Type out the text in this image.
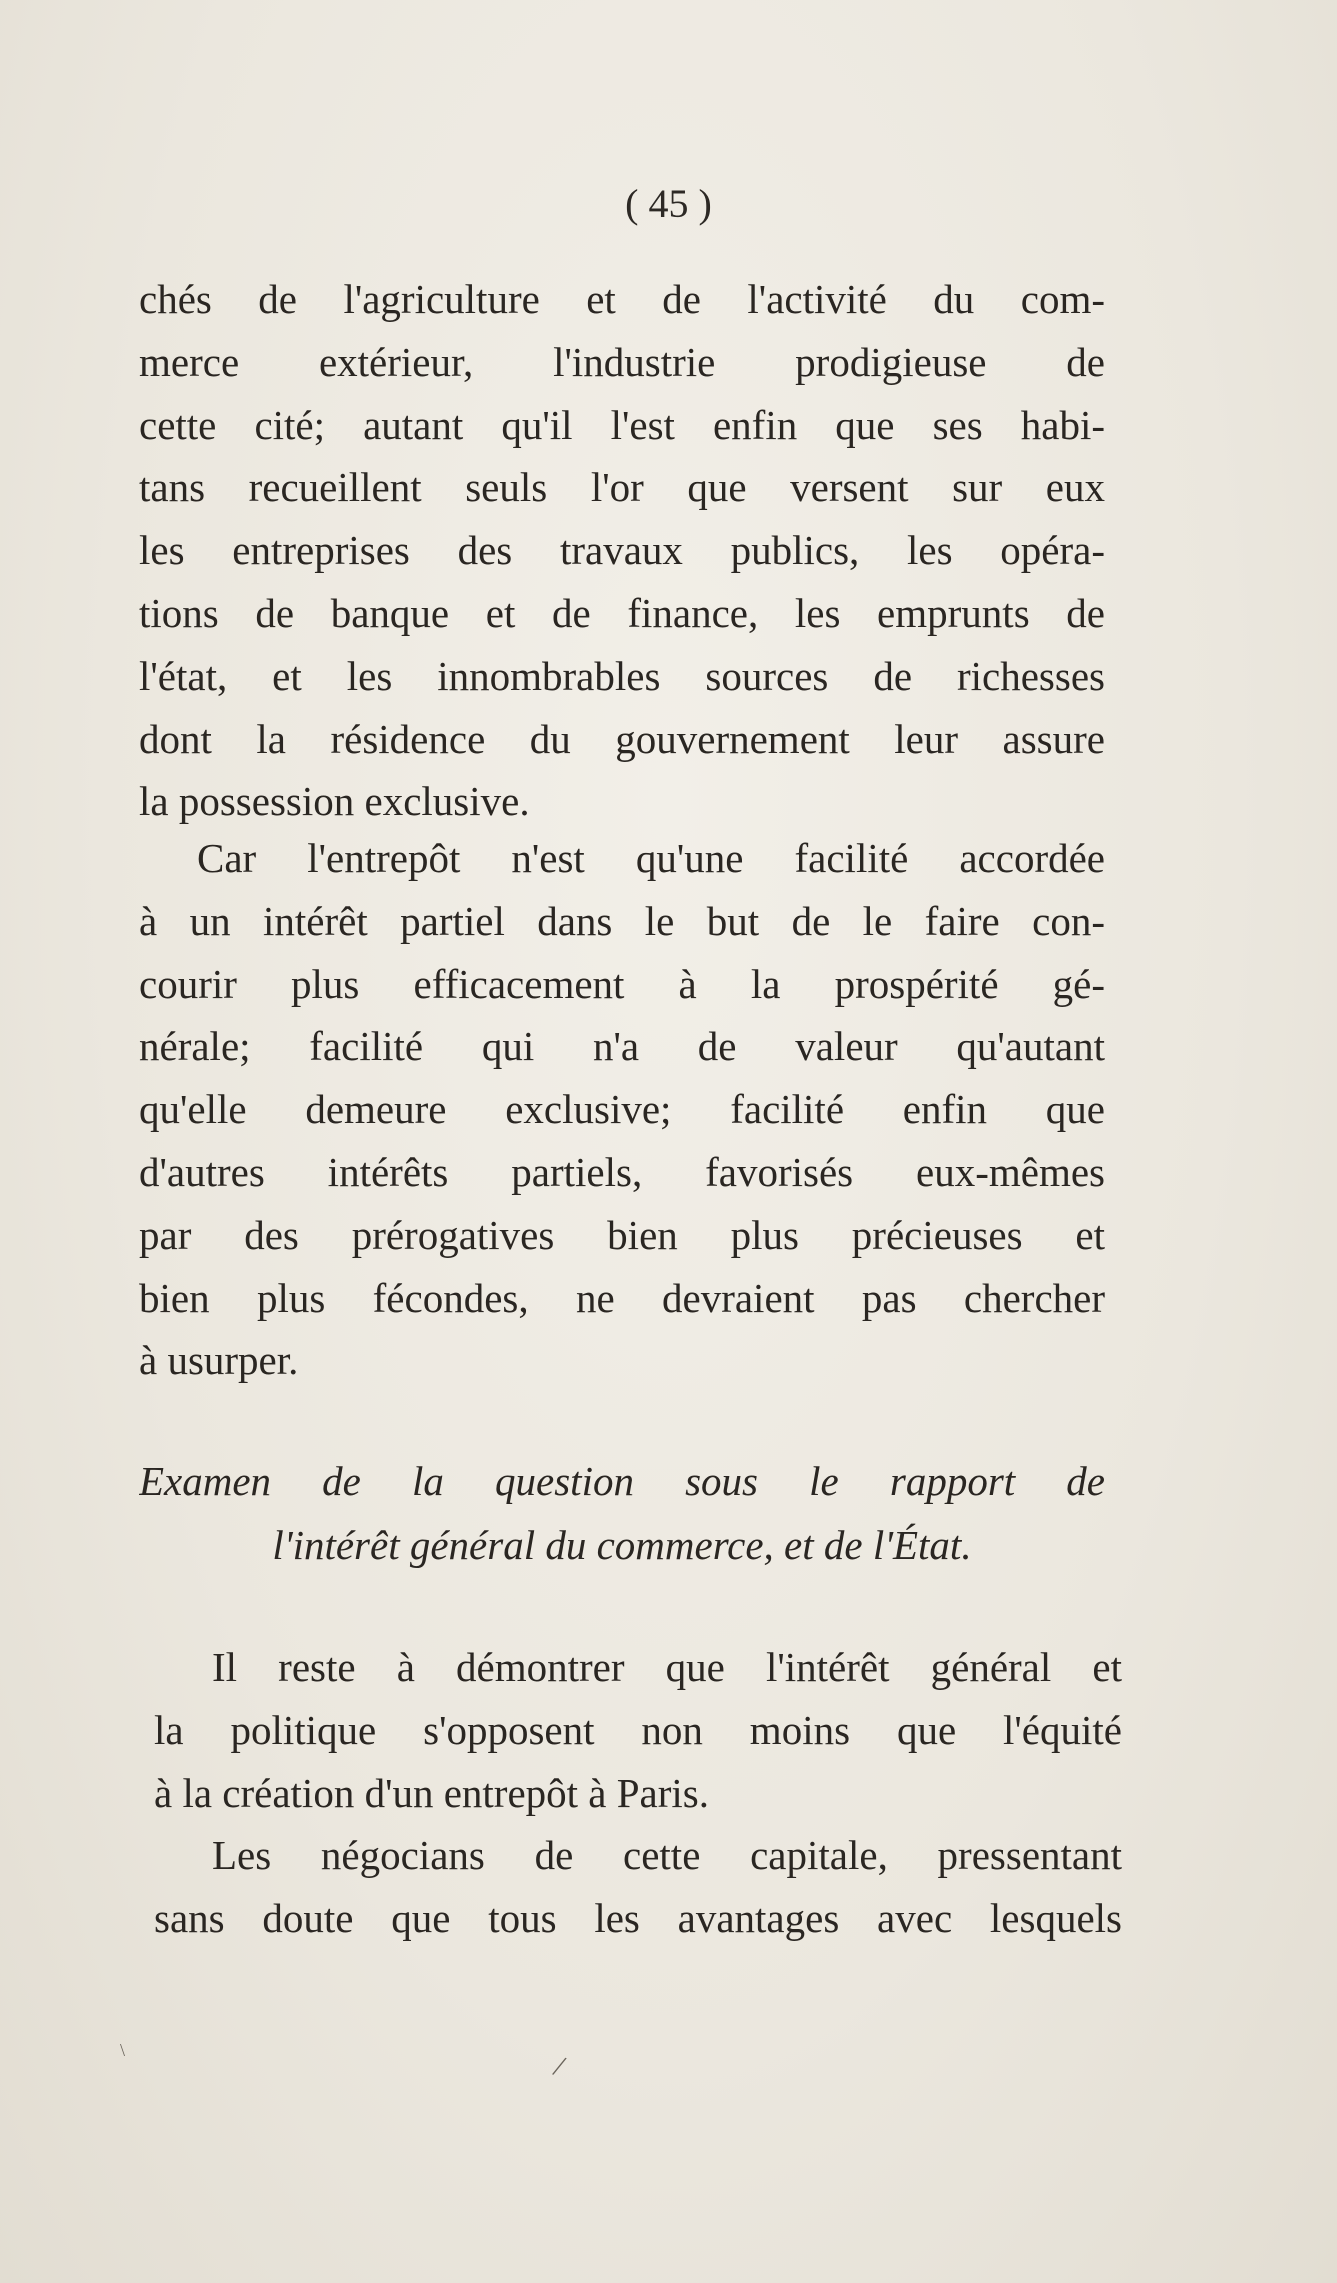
( 45 )
chés de l'agriculture et de l'activité du com-
merce extérieur, l'industrie prodigieuse de
cette cité; autant qu'il l'est enfin que ses habi-
tans recueillent seuls l'or que versent sur eux
les entreprises des travaux publics, les opéra-
tions de banque et de finance, les emprunts de
l'état, et les innombrables sources de richesses
dont la résidence du gouvernement leur assure
la possession exclusive.
Car l'entrepôt n'est qu'une facilité accordée
à un intérêt partiel dans le but de le faire con-
courir plus efficacement à la prospérité gé-
nérale; facilité qui n'a de valeur qu'autant
qu'elle demeure exclusive; facilité enfin que
d'autres intérêts partiels, favorisés eux-mêmes
par des prérogatives bien plus précieuses et
bien plus fécondes, ne devraient pas chercher
à usurper.
Examen de la question sous le rapport de
l'intérêt général du commerce, et de l'État.
Il reste à démontrer que l'intérêt général et
la politique s'opposent non moins que l'équité
à la création d'un entrepôt à Paris.
Les négocians de cette capitale, pressentant
sans doute que tous les avantages avec lesquels
/
\
